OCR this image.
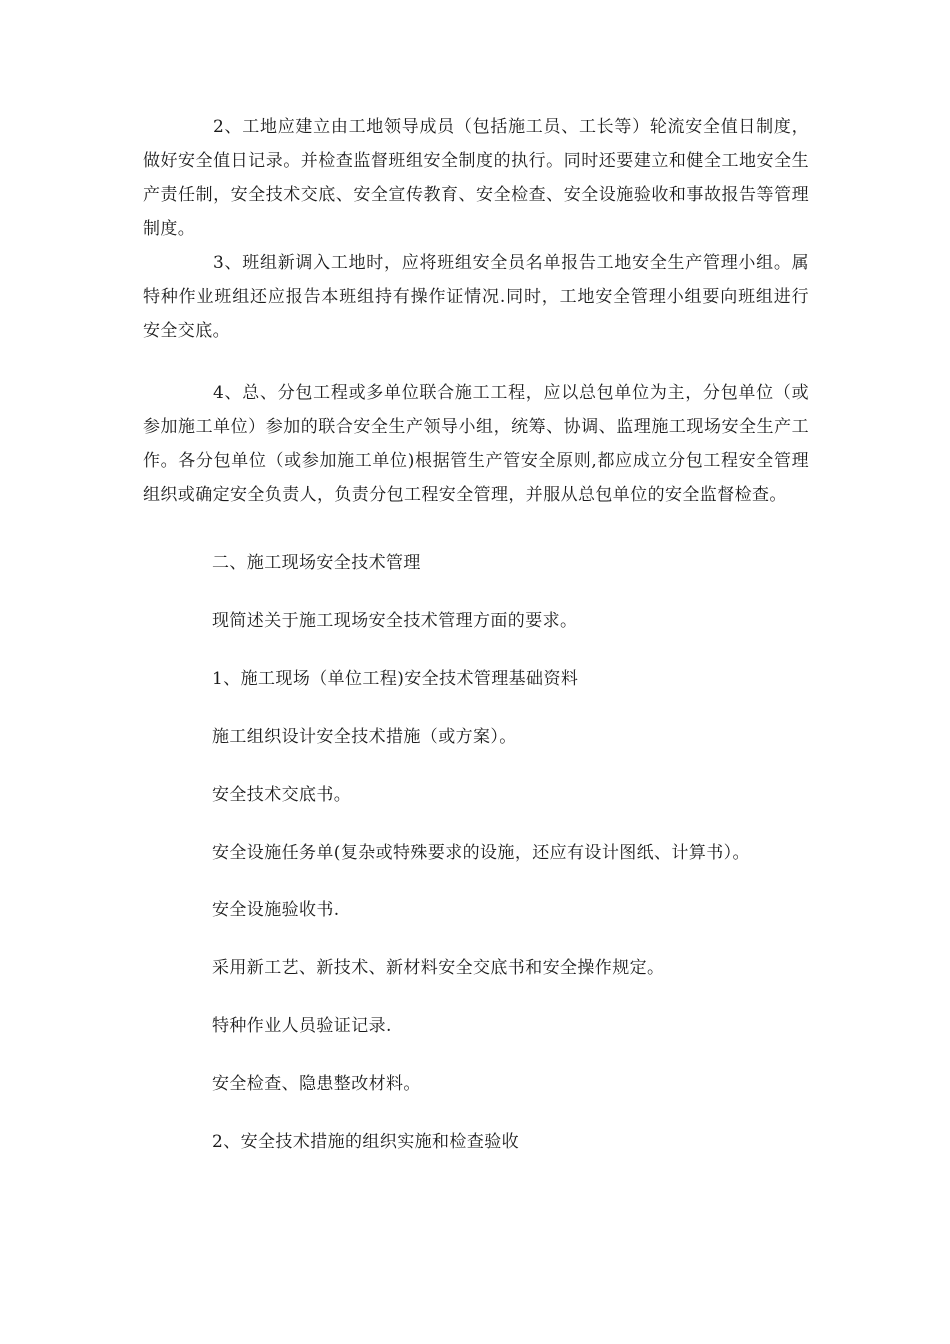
2、工地应建立由工地领导成员（包括施工员、工长等）轮流安全值日制度，做好安全值日记录。并检查监督班组安全制度的执行。同时还要建立和健全工地安全生产责任制，安全技术交底、安全宣传教育、安全检查、安全设施验收和事故报告等管理制度。

3、班组新调入工地时，应将班组安全员名单报告工地安全生产管理小组。属特种作业班组还应报告本班组持有操作证情况.同时，工地安全管理小组要向班组进行安全交底。

4、总、分包工程或多单位联合施工工程，应以总包单位为主，分包单位（或参加施工单位）参加的联合安全生产领导小组，统筹、协调、监理施工现场安全生产工作。各分包单位（或参加施工单位)根据管生产管安全原则,都应成立分包工程安全管理组织或确定安全负责人，负责分包工程安全管理，并服从总包单位的安全监督检查。

二、施工现场安全技术管理

现简述关于施工现场安全技术管理方面的要求。

1、施工现场（单位工程)安全技术管理基础资料

施工组织设计安全技术措施（或方案）。

安全技术交底书。

安全设施任务单(复杂或特殊要求的设施，还应有设计图纸、计算书）。

安全设施验收书.

采用新工艺、新技术、新材料安全交底书和安全操作规定。

特种作业人员验证记录.

安全检查、隐患整改材料。

2、安全技术措施的组织实施和检查验收
